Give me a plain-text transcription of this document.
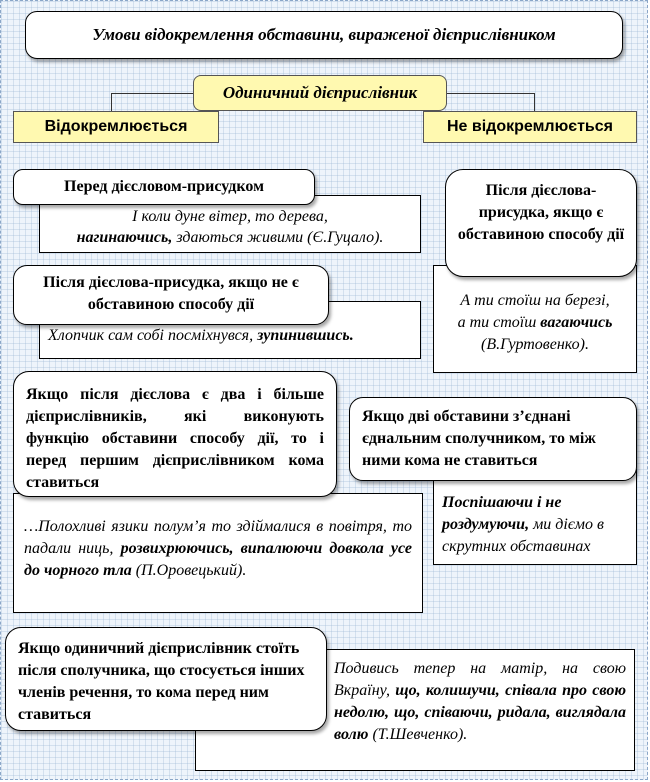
Умови відокремлення обставини, вираженої дієприслівником
Одиничний дієприслівник
Відокремлюється	Не відокремлюється
І коли дуне вітер, то дерева,
нагинаючись, здаються живими (Є.Гуцало).
Перед дієсловом-присудком
Хлопчик сам собі посміхнувся, зупинившись.
Після дієслова-присудка, якщо не є обставиною способу дії
…Полохливі язики полум’я то здіймалися в повітря, то падали ниць, розвихрюючись, випалюючи довкола усе до чорного тла (П.Оровецький).
Якщо після дієслова є два і більше дієприслівників, які виконують функцію обставини способу дії, то і перед першим дієприслівником кома ставиться
Подивись тепер на матір, на свою Вкраїну, що, колишучи, співала про свою недолю, що, співаючи, ридала, виглядала волю (Т.Шевченко).
Якщо одиничний дієприслівник стоїть після сполучника, що стосується інших членів речення, то кома перед ним ставиться
А ти стоїш на березі,
а ти стоїш вагаючись
(В.Гуртовенко).
Після дієслова-присудка, якщо є обставиною способу дії
Поспішаючи і не роздумуючи, ми діємо в скрутних обставинах
Якщо дві обставини з’єднані єднальним сполучником, то між ними кома не ставиться
